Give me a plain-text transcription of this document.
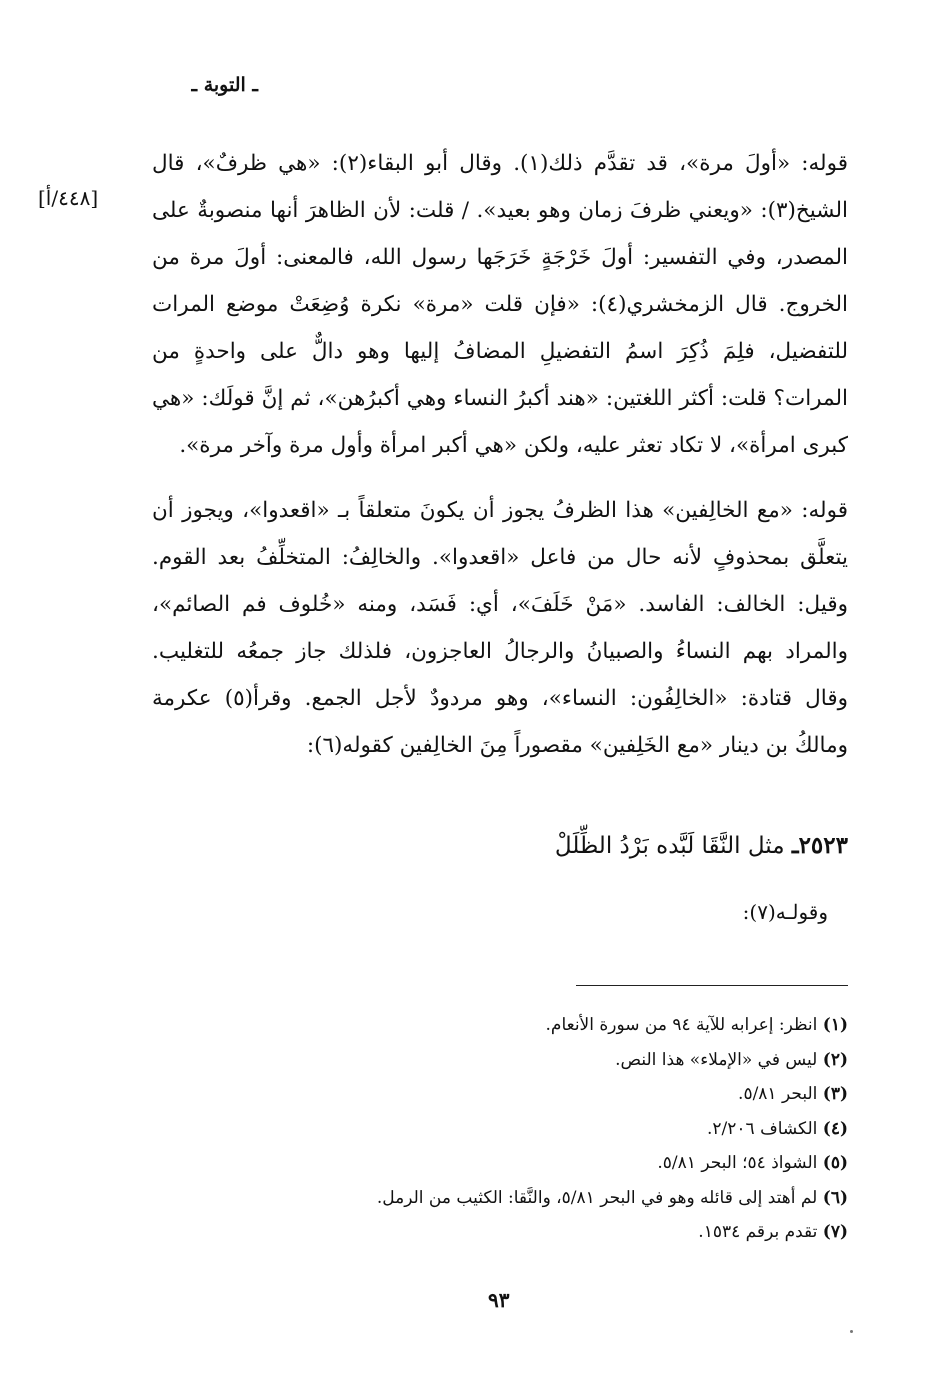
ـ التوبة ـ
[٤٤٨/أ]

قوله: «أولَ مرة»، قد تقدَّم ذلك(١). وقال أبو البقاء(٢): «هي ظرفٌ»، قال الشيخ(٣): «ويعني ظرفَ زمان وهو بعيد». / قلت: لأن الظاهرَ أنها منصوبةٌ على المصدر، وفي التفسير: أولَ خَرْجَةٍ خَرَجَها رسول الله، فالمعنى: أولَ مرة من الخروج. قال الزمخشري(٤): «فإن قلت «مرة» نكرة وُضِعَتْ موضع المرات للتفضيل، فلِمَ ذُكِرَ اسمُ التفضيلِ المضافُ إليها وهو دالٌّ على واحدةٍ من المرات؟ قلت: أكثر اللغتين: «هند أكبرُ النساء وهي أكبرُهن»، ثم إنَّ قولَك: «هي كبرى امرأة»، لا تكاد تعثر عليه، ولكن «هي أكبر امرأة وأول مرة وآخر مرة».

قوله: «مع الخالِفين» هذا الظرفُ يجوز أن يكونَ متعلقاً بـ «اقعدوا»، ويجوز أن يتعلَّق بمحذوفٍ لأنه حال من فاعل «اقعدوا». والخالِفُ: المتخلِّفُ بعد القوم. وقيل: الخالف: الفاسد. «مَنْ خَلَفَ»، أي: فَسَد، ومنه «خُلوف فم الصائم»، والمراد بهم النساءُ والصبيانُ والرجالُ العاجزون، فلذلك جاز جمعُه للتغليب. وقال قتادة: «الخالِفُون: النساء»، وهو مردودٌ لأجل الجمع. وقرأ(٥) عكرمة ومالكُ بن دينار «مع الخَلِفين» مقصوراً مِنَ الخالِفين كقوله(٦):

٢٥٢٣ـ مثل النَّقَا لَبَّده بَرْدُ الظِّلَلْ
وقولـه(٧):
(١) انظر: إعرابه للآية ٩٤ من سورة الأنعام.
(٢) ليس في «الإملاء» هذا النص.
(٣) البحر ٥/٨١.
(٤) الكشاف ٢/٢٠٦.
(٥) الشواذ ٥٤؛ البحر ٥/٨١.
(٦) لم أهتد إلى قائله وهو في البحر ٥/٨١، والنَّقا: الكثيب من الرمل.
(٧) تقدم برقم ١٥٣٤.
٩٣
